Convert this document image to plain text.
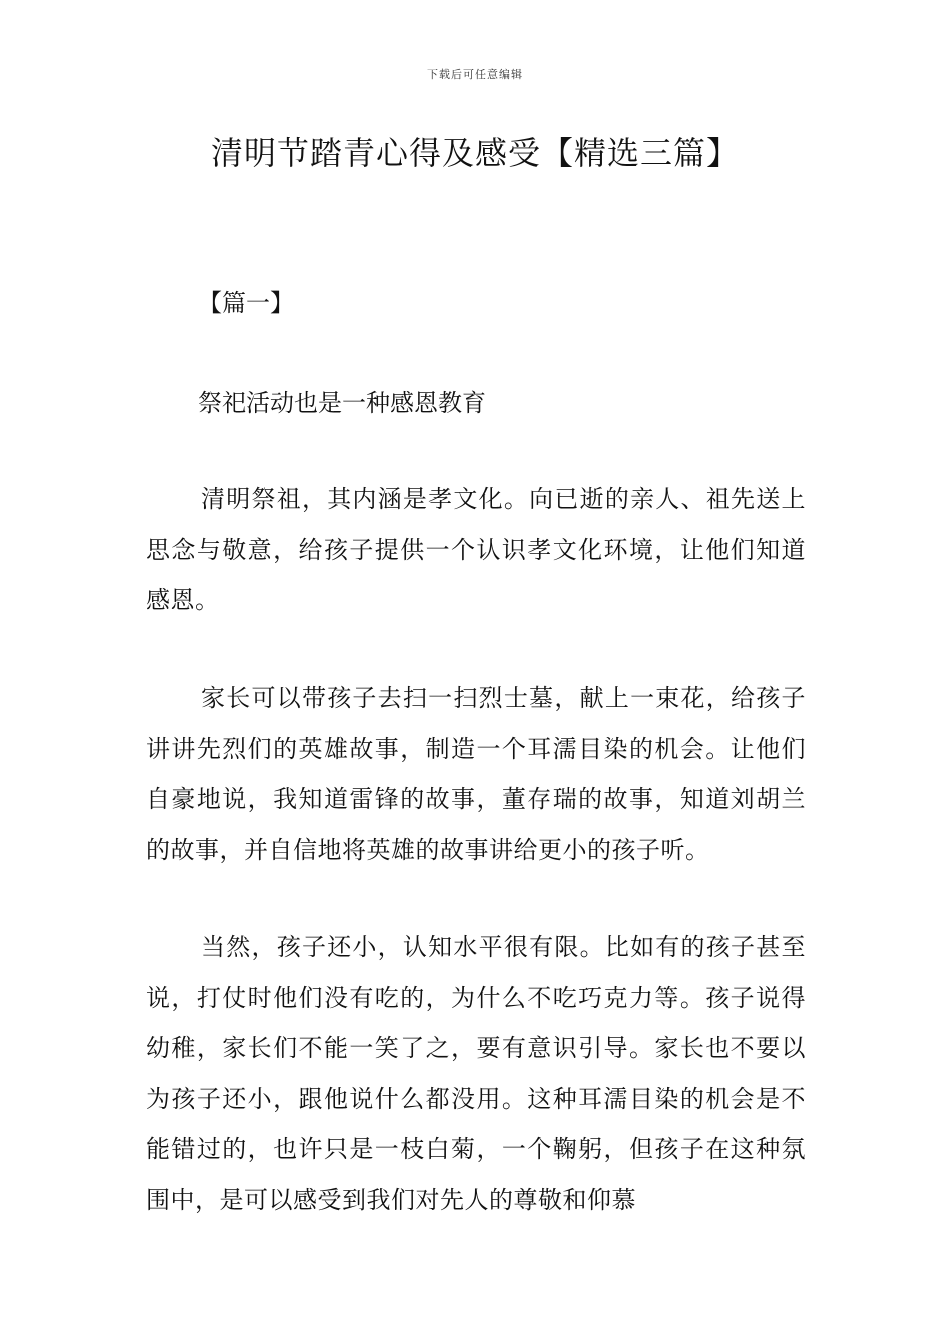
下载后可任意编辑
清明节踏青心得及感受【精选三篇】
【篇一】
祭祀活动也是一种感恩教育

清明祭祖，其内涵是孝文化。向已逝的亲人、祖先送上思念与敬意，给孩子提供一个认识孝文化环境，让他们知道感恩。

家长可以带孩子去扫一扫烈士墓，献上一束花，给孩子讲讲先烈们的英雄故事，制造一个耳濡目染的机会。让他们自豪地说，我知道雷锋的故事，董存瑞的故事，知道刘胡兰的故事，并自信地将英雄的故事讲给更小的孩子听。

当然，孩子还小，认知水平很有限。比如有的孩子甚至说，打仗时他们没有吃的，为什么不吃巧克力等。孩子说得幼稚，家长们不能一笑了之，要有意识引导。家长也不要以为孩子还小，跟他说什么都没用。这种耳濡目染的机会是不能错过的，也许只是一枝白菊，一个鞠躬，但孩子在这种氛围中，是可以感受到我们对先人的尊敬和仰慕
